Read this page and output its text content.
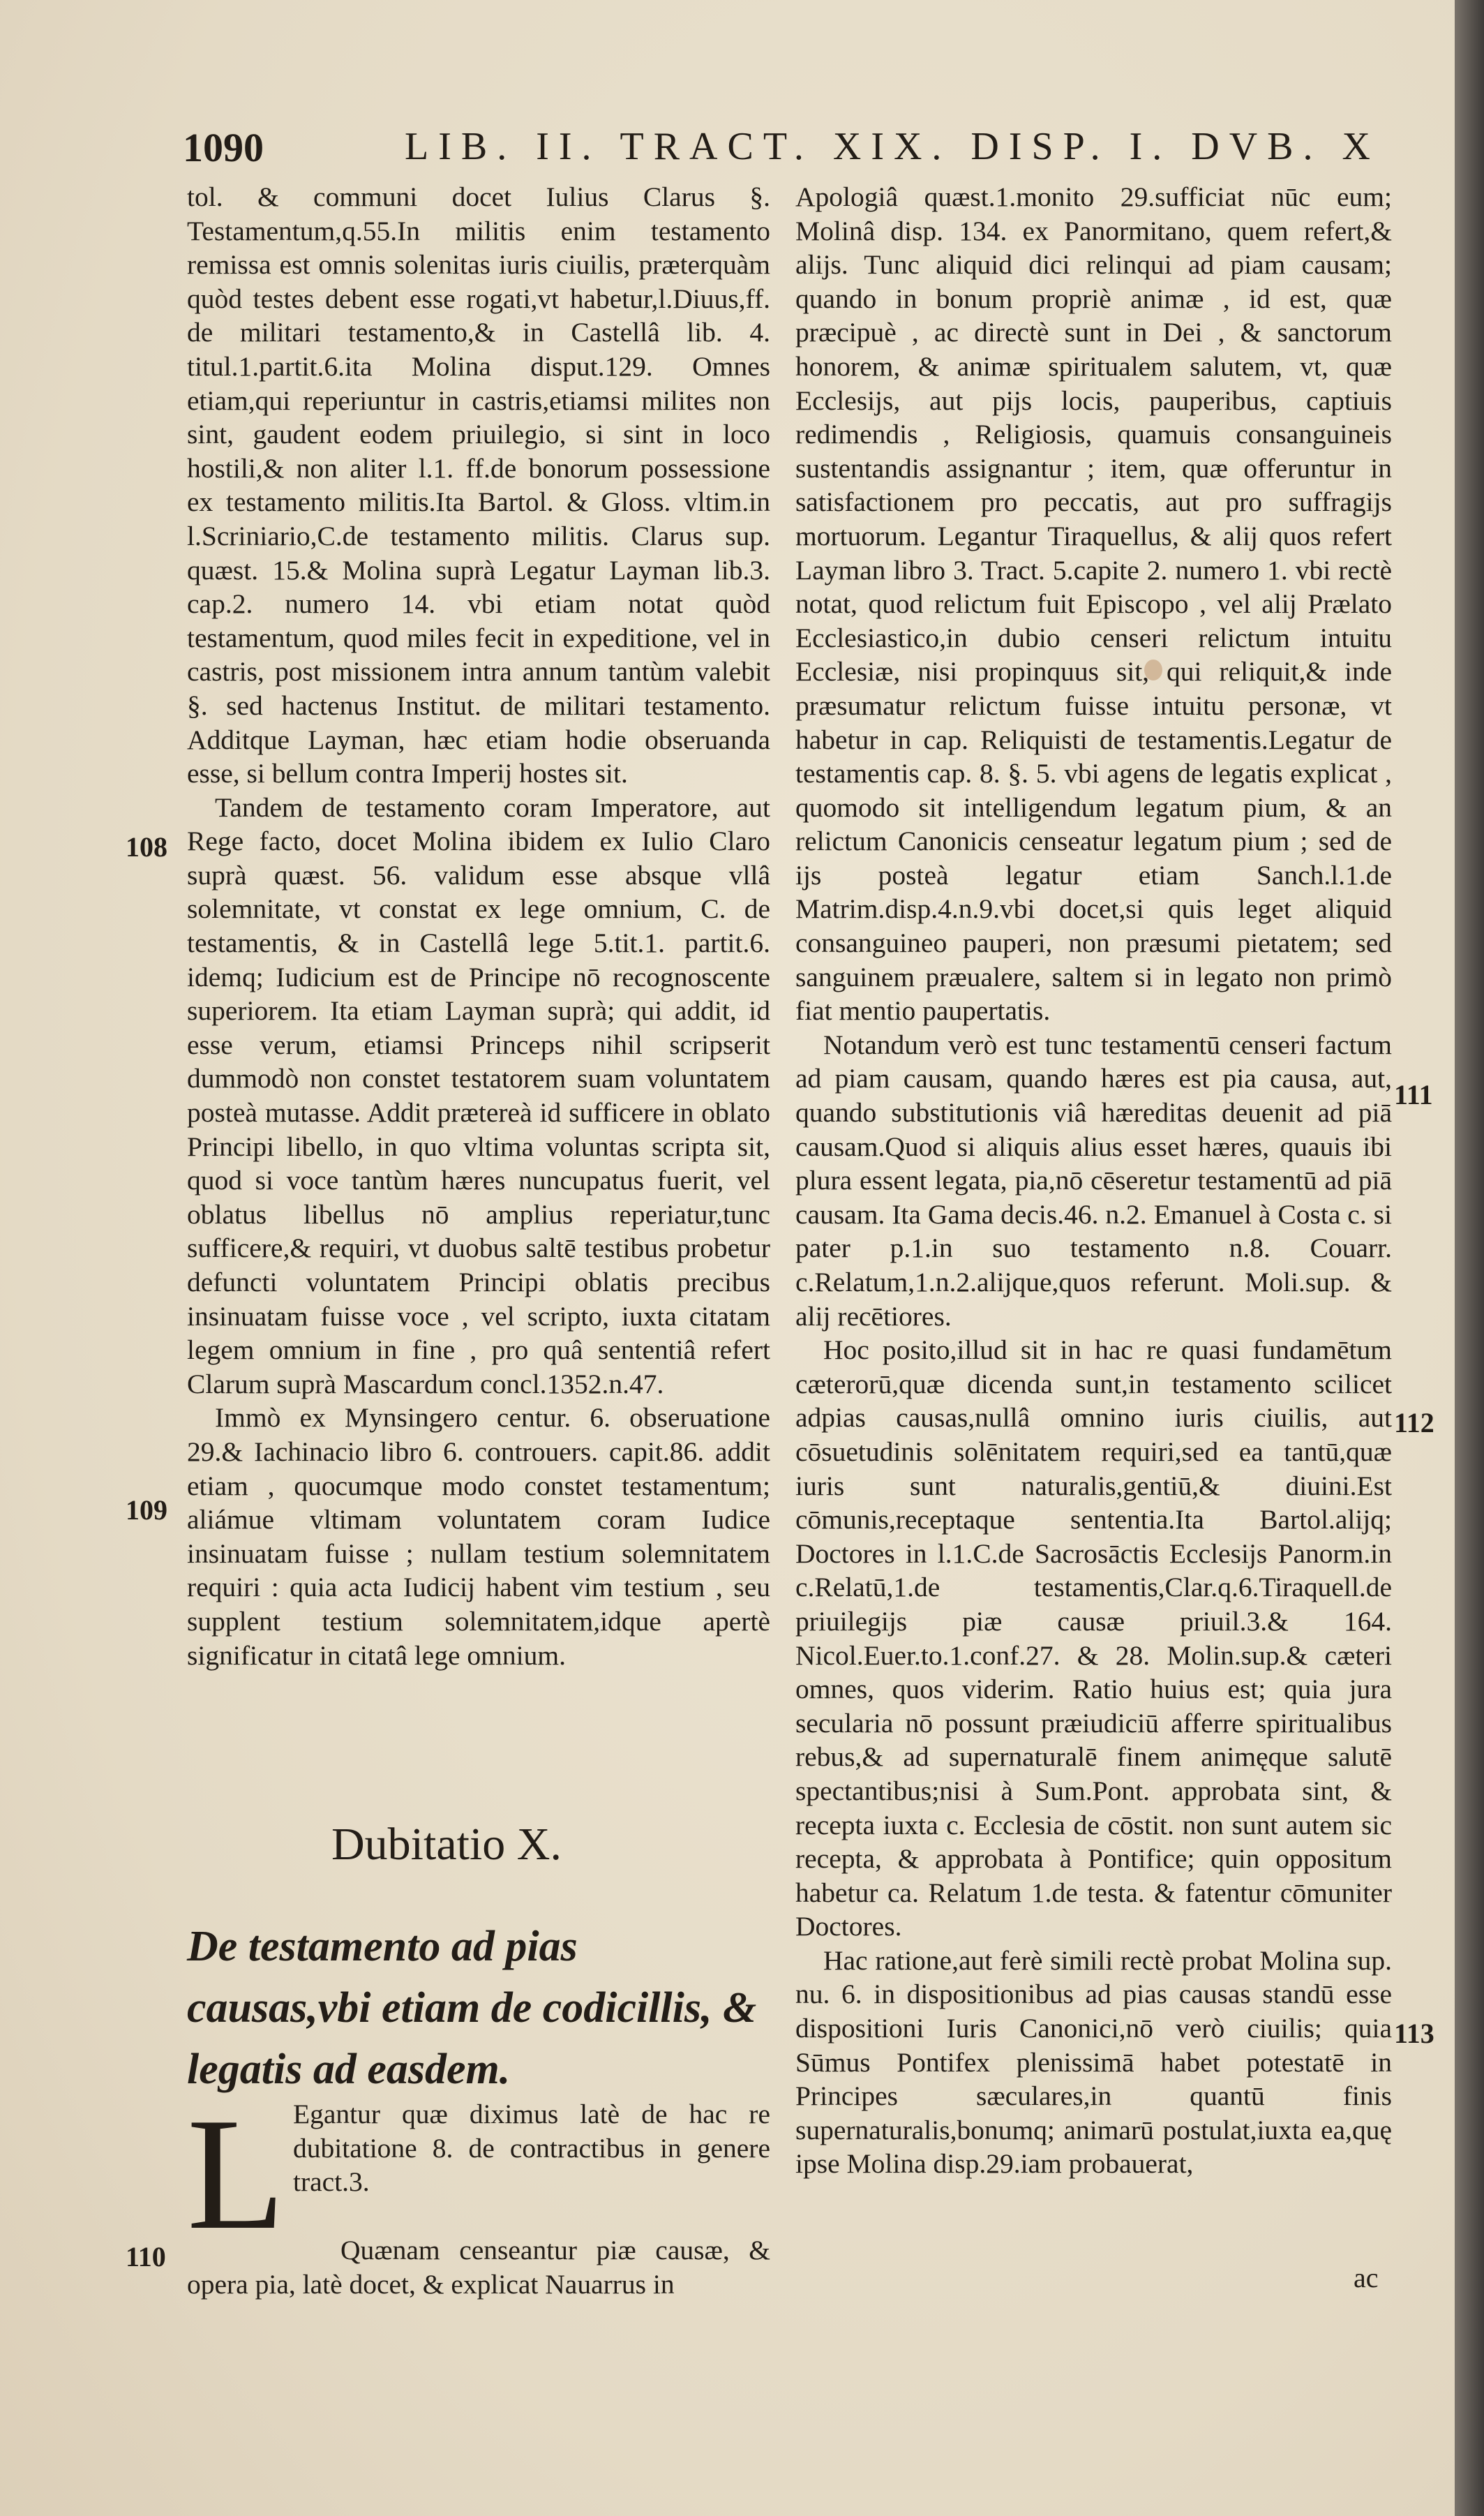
1090	LIB. II. TRACT. XIX. DISP. I. DVB. X

tol. & communi docet Iulius Clarus §. Testamentum,q.55.In militis enim testamento remissa est omnis solenitas iuris ciuilis, præterquàm quòd testes debent esse rogati,vt habetur,l.Diuus,ff. de militari testamento,& in Castellâ lib. 4. titul.1.partit.6.ita Molina disput.129. Omnes etiam,qui reperiuntur in castris,etiamsi milites non sint, gaudent eodem priuilegio, si sint in loco hostili,& non aliter l.1. ff.de bonorum possessione ex testamento militis.Ita Bartol. & Gloss. vltim.in l.Scriniario,C.de testamento militis. Clarus sup. quæst. 15.& Molina suprà Legatur Layman lib.3. cap.2. numero 14. vbi etiam notat quòd testamentum, quod miles fecit in expeditione, vel in castris, post missionem intra annum tantùm valebit §. sed hactenus Institut. de militari testamento. Additque Layman, hæc etiam hodie obseruanda esse, si bellum contra Imperij hostes sit.

Tandem de testamento coram Imperatore, aut Rege facto, docet Molina ibidem ex Iulio Claro suprà quæst. 56. validum esse absque vllâ solemnitate, vt constat ex lege omnium, C. de testamentis, & in Castellâ lege 5.tit.1. partit.6. idemq; Iudicium est de Principe nō recognoscente superiorem. Ita etiam Layman suprà; qui addit, id esse verum, etiamsi Princeps nihil scripserit dummodò non constet testatorem suam voluntatem posteà mutasse. Addit prætereà id sufficere in oblato Principi libello, in quo vltima voluntas scripta sit, quod si voce tantùm hæres nuncupatus fuerit, vel oblatus libellus nō amplius reperiatur,tunc sufficere,& requiri, vt duobus saltē testibus probetur defuncti voluntatem Principi oblatis precibus insinuatam fuisse voce , vel scripto, iuxta citatam legem omnium in fine , pro quâ sententiâ refert Clarum suprà Mascardum concl.1352.n.47.

Immò ex Mynsingero centur. 6. obseruatione 29.& Iachinacio libro 6. controuers. capit.86. addit etiam , quocumque modo constet testamentum; aliámue vltimam voluntatem coram Iudice insinuatam fuisse ; nullam testium solemnitatem requiri : quia acta Iudicij habent vim testium , seu supplent testium solemnitatem,idque apertè significatur in citatâ lege omnium.

Dubitatio X.
De testamento ad pias causas,vbi etiam de codicillis, & legatis ad easdem.
L Egantur quæ diximus latè de hac re dubitatione 8. de contractibus in genere tract.3.
Quænam censeantur piæ causæ, & opera pia, latè docet, & explicat Nauarrus in

Apologiâ quæst.1.monito 29.sufficiat nūc eum; Molinâ disp. 134. ex Panormitano, quem refert,& alijs. Tunc aliquid dici relinqui ad piam causam; quando in bonum propriè animæ , id est, quæ præcipuè , ac directè sunt in Dei , & sanctorum honorem, & animæ spiritualem salutem, vt, quæ Ecclesijs, aut pijs locis, pauperibus, captiuis redimendis , Religiosis, quamuis consanguineis sustentandis assignantur ; item, quæ offeruntur in satisfactionem pro peccatis, aut pro suffragijs mortuorum. Legantur Tiraquellus, & alij quos refert Layman libro 3. Tract. 5.capite 2. numero 1. vbi rectè notat, quod relictum fuit Episcopo , vel alij Prælato Ecclesiastico,in dubio censeri relictum intuitu Ecclesiæ, nisi propinquus sit, qui reliquit,& inde præsumatur relictum fuisse intuitu personæ, vt habetur in cap. Reliquisti de testamentis.Legatur de testamentis cap. 8. §. 5. vbi agens de legatis explicat , quomodo sit intelligendum legatum pium, & an relictum Canonicis censeatur legatum pium ; sed de ijs posteà legatur etiam Sanch.l.1.de Matrim.disp.4.n.9.vbi docet,si quis leget aliquid consanguineo pauperi, non præsumi pietatem; sed sanguinem præualere, saltem si in legato non primò fiat mentio paupertatis.

Notandum verò est tunc testamentū censeri factum ad piam causam, quando hæres est pia causa, aut, quando substitutionis viâ hæreditas deuenit ad piā causam.Quod si aliquis alius esset hæres, quauis ibi plura essent legata, pia,nō cēseretur testamentū ad piā causam. Ita Gama decis.46. n.2. Emanuel à Costa c. si pater p.1.in suo testamento n.8. Couarr. c.Relatum,1.n.2.alijque,quos referunt. Moli.sup. & alij recētiores.

Hoc posito,illud sit in hac re quasi fundamētum cæterorū,quæ dicenda sunt,in testamento scilicet adpias causas,nullâ omnino iuris ciuilis, aut cōsuetudinis solēnitatem requiri,sed ea tantū,quæ iuris sunt naturalis,gentiū,& diuini.Est cōmunis,receptaque sententia.Ita Bartol.alijq; Doctores in l.1.C.de Sacrosāctis Ecclesijs Panorm.in c.Relatū,1.de testamentis,Clar.q.6.Tiraquell.de priuilegijs piæ causæ priuil.3.& 164. Nicol.Euer.to.1.conf.27. & 28. Molin.sup.& cæteri omnes, quos viderim. Ratio huius est; quia jura secularia nō possunt præiudiciū afferre spiritualibus rebus,& ad supernaturalē finem animęque salutē spectantibus;nisi à Sum.Pont. approbata sint, & recepta iuxta c. Ecclesia de cōstit. non sunt autem sic recepta, & approbata à Pontifice; quin oppositum habetur ca. Relatum 1.de testa. & fatentur cōmuniter Doctores.

Hac ratione,aut ferè simili rectè probat Molina sup. nu. 6. in dispositionibus ad pias causas standū esse dispositioni Iuris Canonici,nō verò ciuilis; quia Sūmus Pontifex plenissimā habet potestatē in Principes sæculares,in quantū finis supernaturalis,bonumq; animarū postulat,iuxta ea,quę ipse Molina disp.29.iam probauerat,

ac
108
109
110
111
112
113
